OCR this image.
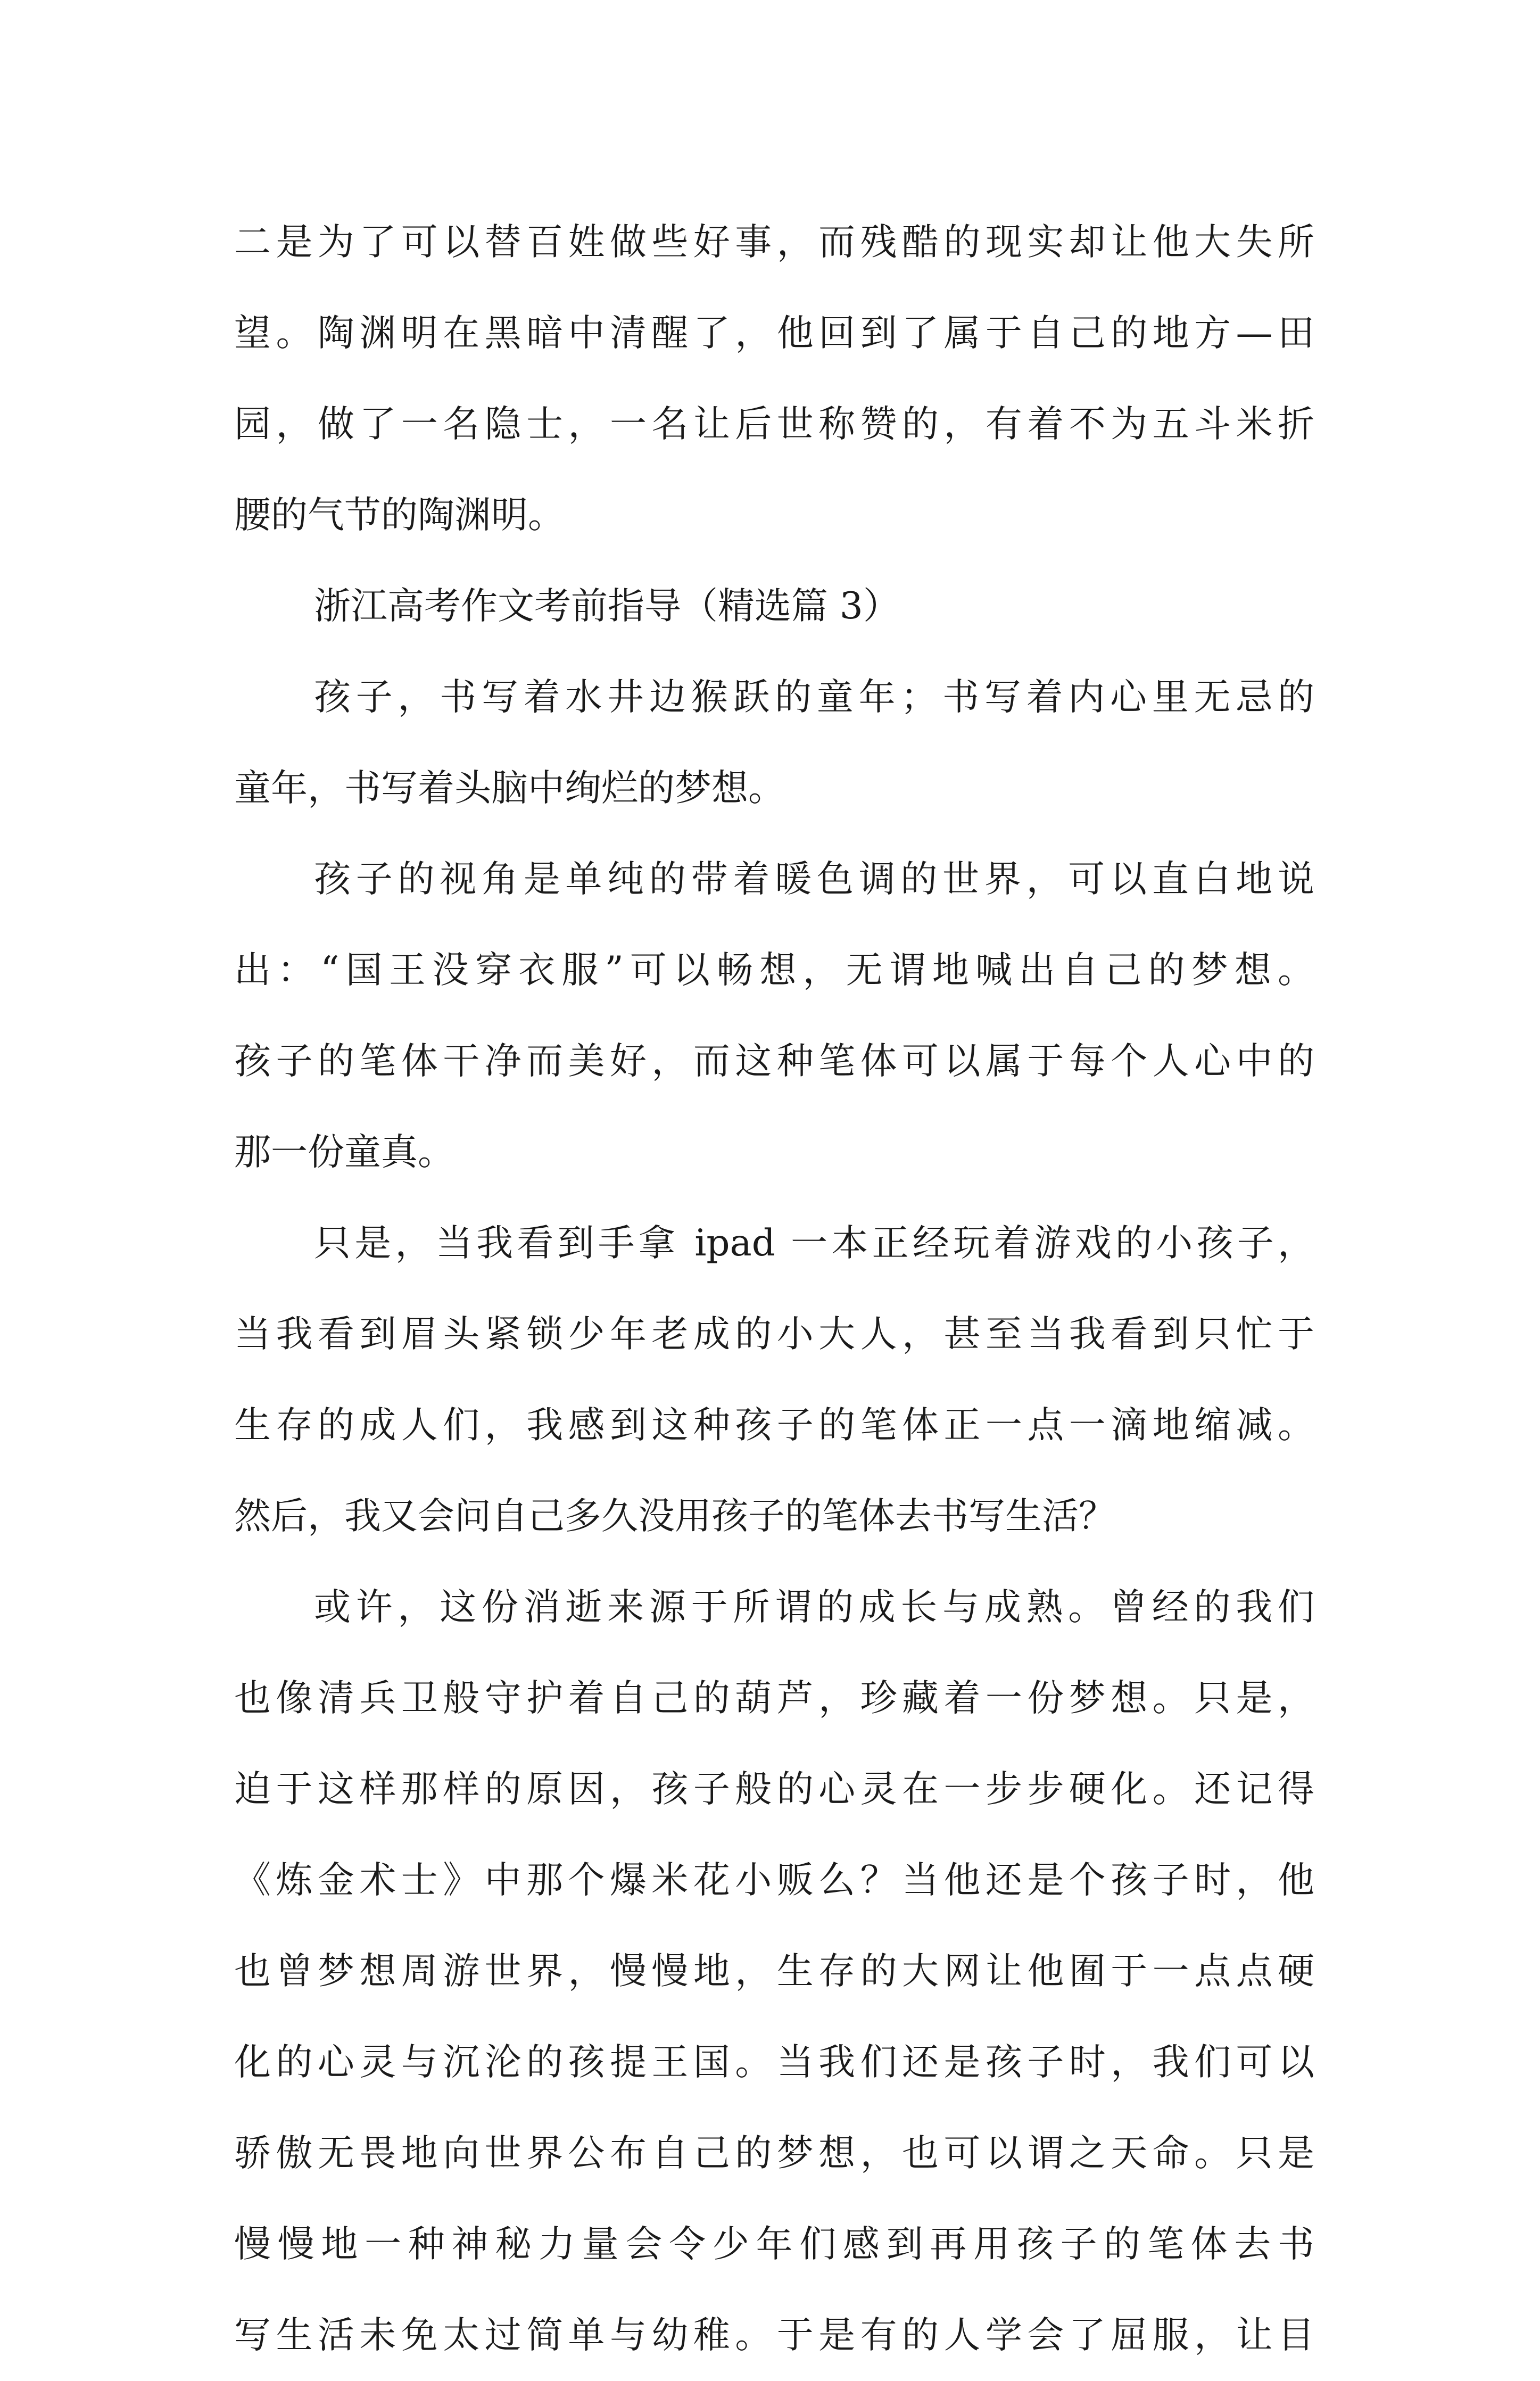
二是为了可以替百姓做些好事，而残酷的现实却让他大失所
望。陶渊明在黑暗中清醒了，他回到了属于自己的地方—田
园，做了一名隐士，一名让后世称赞的，有着不为五斗米折
腰的气节的陶渊明。
浙江高考作文考前指导（精选篇 3）
孩子，书写着水井边猴跃的童年；书写着内心里无忌的
童年，书写着头脑中绚烂的梦想。
孩子的视角是单纯的带着暖色调的世界，可以直白地说
出：“国王没穿衣服”可以畅想，无谓地喊出自己的梦想。
孩子的笔体干净而美好，而这种笔体可以属于每个人心中的
那一份童真。
只是，当我看到手拿 ipad 一本正经玩着游戏的小孩子，
当我看到眉头紧锁少年老成的小大人，甚至当我看到只忙于
生存的成人们，我感到这种孩子的笔体正一点一滴地缩减。
然后，我又会问自己多久没用孩子的笔体去书写生活？
或许，这份消逝来源于所谓的成长与成熟。曾经的我们
也像清兵卫般守护着自己的葫芦，珍藏着一份梦想。只是，
迫于这样那样的原因，孩子般的心灵在一步步硬化。还记得
《炼金术士》中那个爆米花小贩么？当他还是个孩子时，他
也曾梦想周游世界，慢慢地，生存的大网让他囿于一点点硬
化的心灵与沉沦的孩提王国。当我们还是孩子时，我们可以
骄傲无畏地向世界公布自己的梦想，也可以谓之天命。只是
慢慢地一种神秘力量会令少年们感到再用孩子的笔体去书
写生活未免太过简单与幼稚。于是有的人学会了屈服，让目
